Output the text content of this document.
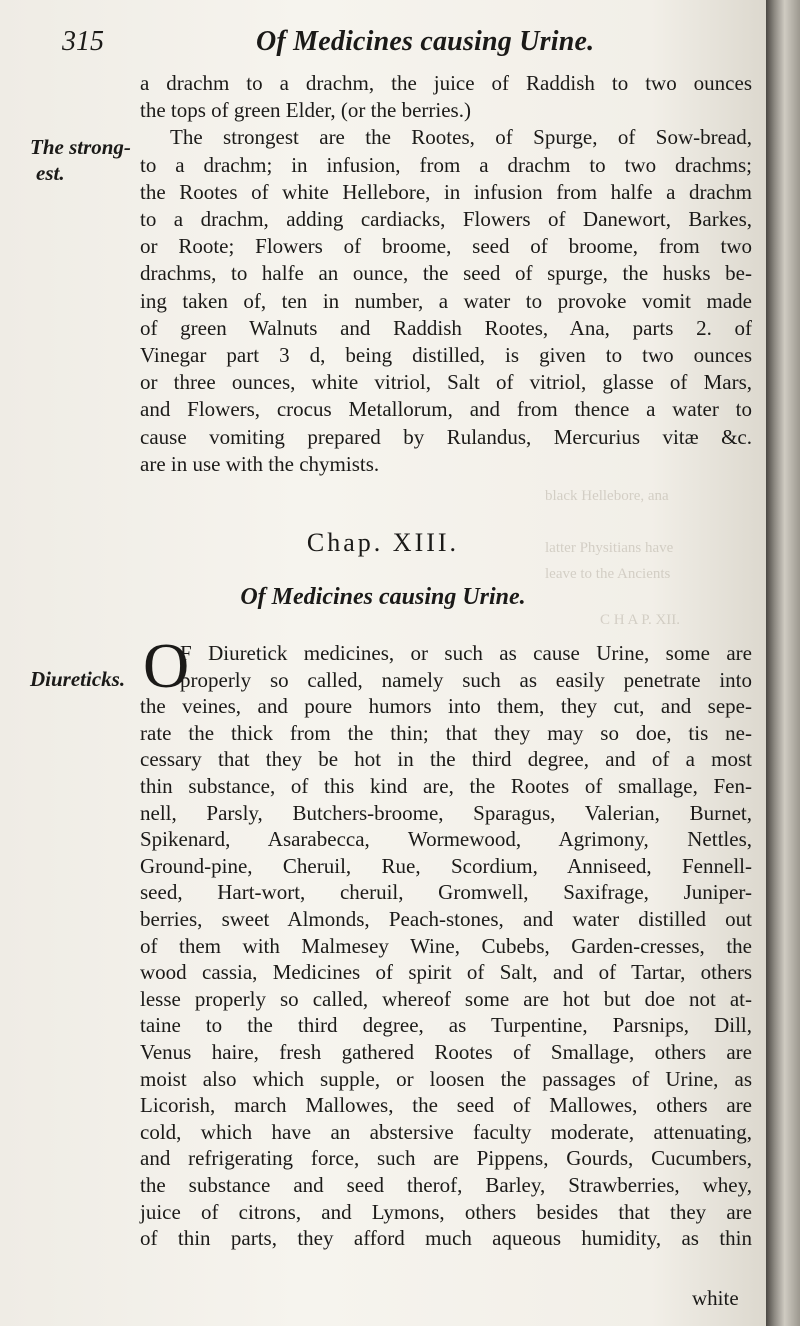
black Hellebore, ana
latter Physitians have
leave to the Ancients
C H A P. XII.
315	Of Medicines causing Urine.
The strong-
est.
a drachm to a drachm, the juice of Raddish to two ounces
the tops of green Elder, (or the berries.)
The strongest are the Rootes, of Spurge, of Sow-bread,
to a drachm; in infusion, from a drachm to two drachms;
the Rootes of white Hellebore, in infusion from halfe a drachm
to a drachm, adding cardiacks, Flowers of Danewort, Barkes,
or Roote; Flowers of broome, seed of broome, from two
drachms, to halfe an ounce, the seed of spurge, the husks be-
ing taken of, ten in number, a water to provoke vomit made
of green Walnuts and Raddish Rootes, Ana, parts 2. of
Vinegar part 3 d, being distilled, is given to two ounces
or three ounces, white vitriol, Salt of vitriol, glasse of Mars,
and Flowers, crocus Metallorum, and from thence a water to
cause vomiting prepared by Rulandus, Mercurius vitæ &c.
are in use with the chymists.
Chap. XIII.
Of Medicines causing Urine.
Diureticks. O
F Diuretick medicines, or such as cause Urine, some are
properly so called, namely such as easily penetrate into
the veines, and poure humors into them, they cut, and sepe-
rate the thick from the thin; that they may so doe, tis ne-
cessary that they be hot in the third degree, and of a most
thin substance, of this kind are, the Rootes of smallage, Fen-
nell, Parsly, Butchers-broome, Sparagus, Valerian, Burnet,
Spikenard, Asarabecca, Wormewood, Agrimony, Nettles,
Ground-pine, Cheruil, Rue, Scordium, Anniseed, Fennell-
seed, Hart-wort, cheruil, Gromwell, Saxifrage, Juniper-
berries, sweet Almonds, Peach-stones, and water distilled out
of them with Malmesey Wine, Cubebs, Garden-cresses, the
wood cassia, Medicines of spirit of Salt, and of Tartar, others
lesse properly so called, whereof some are hot but doe not at-
taine to the third degree, as Turpentine, Parsnips, Dill,
Venus haire, fresh gathered Rootes of Smallage, others are
moist also which supple, or loosen the passages of Urine, as
Licorish, march Mallowes, the seed of Mallowes, others are
cold, which have an abstersive faculty moderate, attenuating,
and refrigerating force, such are Pippens, Gourds, Cucumbers,
the substance and seed therof, Barley, Strawberries, whey,
juice of citrons, and Lymons, others besides that they are
of thin parts, they afford much aqueous humidity, as thin
white
